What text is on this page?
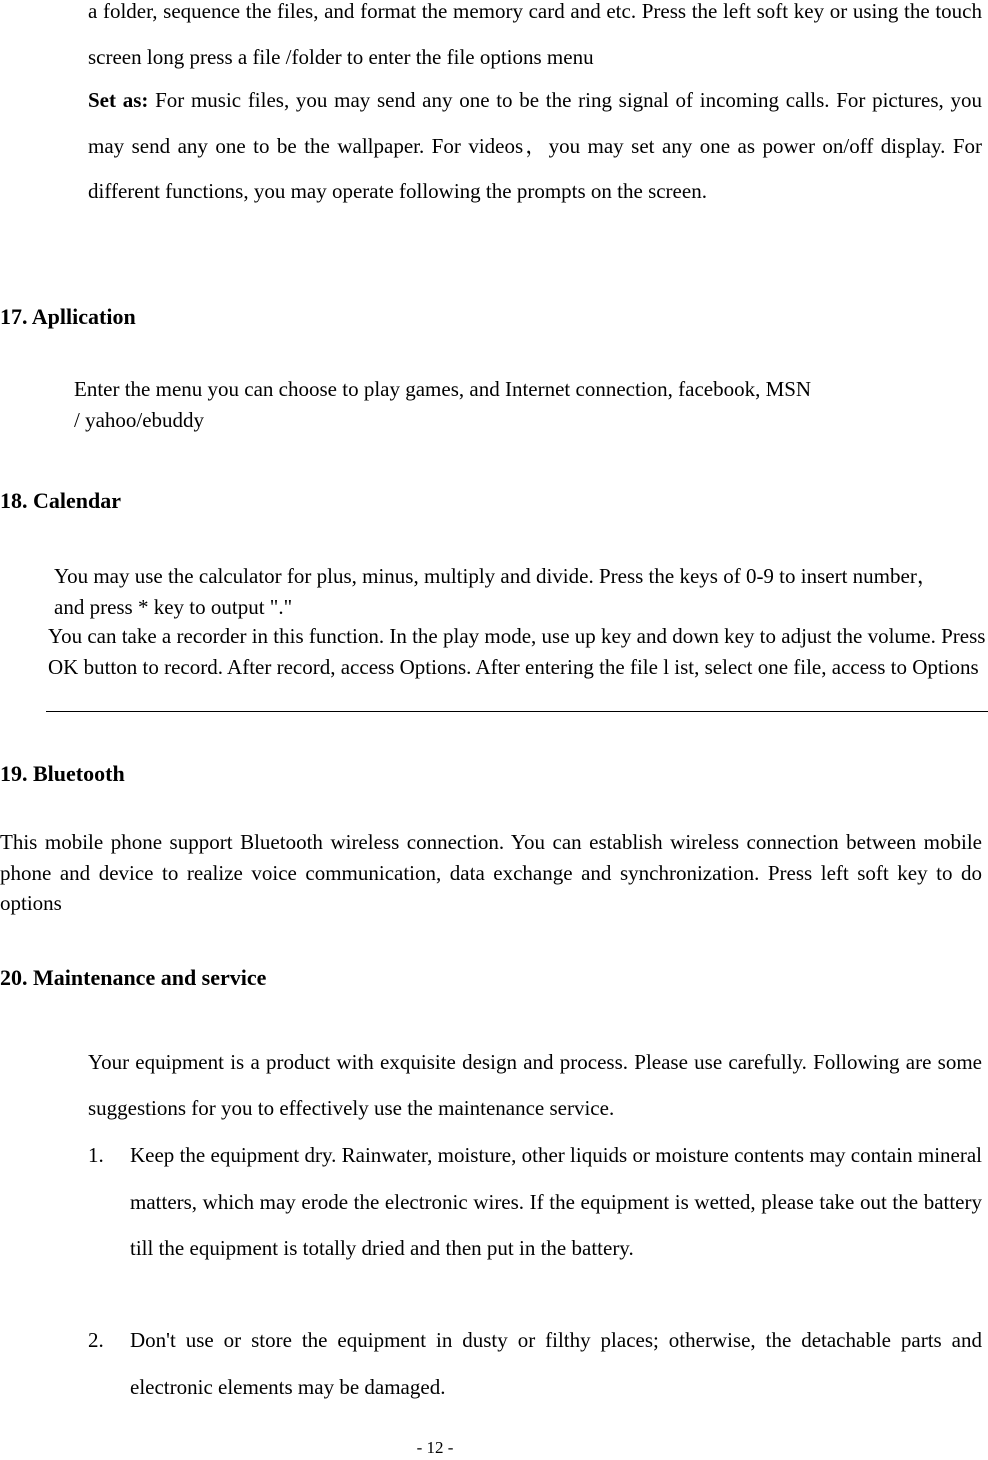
a folder, sequence the files, and format the memory card and etc. Press the left soft key or using the touch screen long press a file /folder to enter the file options menu

Set as: For music files, you may send any one to be the ring signal of incoming calls. For pictures, you may send any one to be the wallpaper. For videos，you may set any one as power on/off display. For different functions, you may operate following the prompts on the screen.

17. Apllication

Enter the menu you can choose to play games, and Internet connection, facebook, MSN
/ yahoo/ebuddy

18. Calendar

You may use the calculator for plus, minus, multiply and divide. Press the keys of 0-9 to insert number，and press * key to output "."

You can take a recorder in this function. In the play mode, use up key and down key to adjust the volume. Press OK button to record. After record, access Options. After entering the file l ist, select one file, access to Options

19. Bluetooth

This mobile phone support Bluetooth wireless connection. You can establish wireless connection between mobile phone and device to realize voice communication, data exchange and synchronization. Press left soft key to do options

20. Maintenance and service

Your equipment is a product with exquisite design and process. Please use carefully. Following are some suggestions for you to effectively use the maintenance service.

1.	Keep the equipment dry. Rainwater, moisture, other liquids or moisture contents may contain mineral matters, which may erode the electronic wires. If the equipment is wetted, please take out the battery till the equipment is totally dried and then put in the battery.
2.	Don't use or store the equipment in dusty or filthy places; otherwise, the detachable parts and electronic elements may be damaged.
- 12 -
